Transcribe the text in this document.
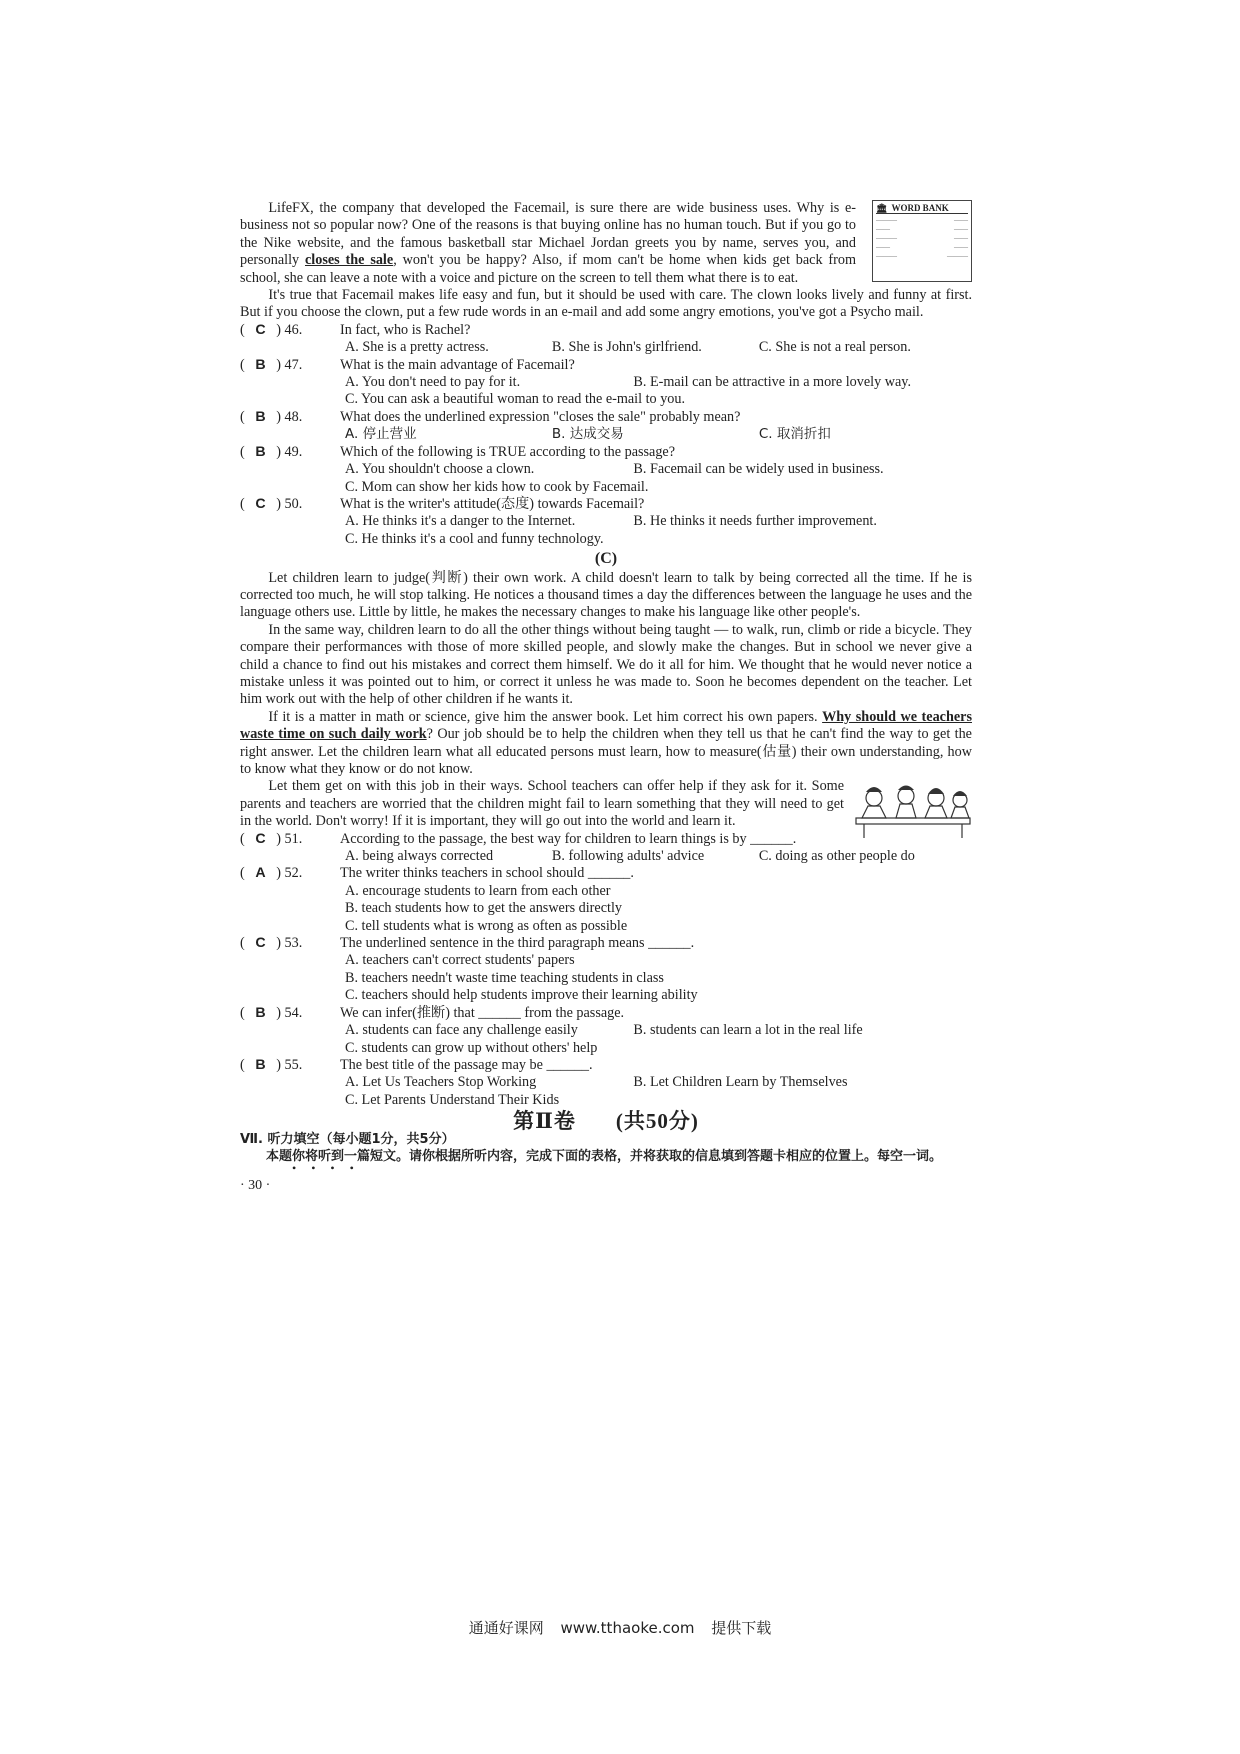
🏛 WORD BANK
———	——
——	——
———	——
——	——
———	———

LifeFX, the company that developed the Facemail, is sure there are wide business uses. Why is e-business not so popular now? One of the reasons is that buying online has no human touch. But if you go to the Nike website, and the famous basketball star Michael Jordan greets you by name, serves you, and personally closes the sale, won't you be happy? Also, if mom can't be home when kids get back from school, she can leave a note with a voice and picture on the screen to tell them what there is to eat.

It's true that Facemail makes life easy and fun, but it should be used with care. The clown looks lively and funny at first. But if you choose the clown, put a few rude words in an e-mail and add some angry emotions, you've got a Psycho mail.

(   C   ) 46.	In fact, who is Rachel?
A. She is a pretty actress.	B. She is John's girlfriend.	C. She is not a real person.
(   B   ) 47.	What is the main advantage of Facemail?
A. You don't need to pay for it.	B. E-mail can be attractive in a more lovely way.
C. You can ask a beautiful woman to read the e-mail to you.
(   B   ) 48.	What does the underlined expression "closes the sale" probably mean?
A. 停止营业	B. 达成交易	C. 取消折扣
(   B   ) 49.	Which of the following is TRUE according to the passage?
A. You shouldn't choose a clown.	B. Facemail can be widely used in business.
C. Mom can show her kids how to cook by Facemail.
(   C   ) 50.	What is the writer's attitude(态度) towards Facemail?
A. He thinks it's a danger to the Internet.	B. He thinks it needs further improvement.
C. He thinks it's a cool and funny technology.
(C)

Let children learn to judge(判断) their own work. A child doesn't learn to talk by being corrected all the time. If he is corrected too much, he will stop talking. He notices a thousand times a day the differences between the language he uses and the language others use. Little by little, he makes the necessary changes to make his language like other people's.

In the same way, children learn to do all the other things without being taught — to walk, run, climb or ride a bicycle. They compare their performances with those of more skilled people, and slowly make the changes. But in school we never give a child a chance to find out his mistakes and correct them himself. We do it all for him. We thought that he would never notice a mistake unless it was pointed out to him, or correct it unless he was made to. Soon he becomes dependent on the teacher. Let him work out with the help of other children if he wants it.

If it is a matter in math or science, give him the answer book. Let him correct his own papers. Why should we teachers waste time on such daily work? Our job should be to help the children when they tell us that he can't find the way to get the right answer. Let the children learn what all educated persons must learn, how to measure(估量) their own understanding, how to know what they know or do not know.

Let them get on with this job in their ways. School teachers can offer help if they ask for it. Some parents and teachers are worried that the children might fail to learn something that they will need to get in the world. Don't worry! If it is important, they will go out into the world and learn it.

(   C   ) 51.	According to the passage, the best way for children to learn things is by ______.
A. being always corrected	B. following adults' advice	C. doing as other people do
(   A   ) 52.	The writer thinks teachers in school should ______.
A. encourage students to learn from each other
B. teach students how to get the answers directly
C. tell students what is wrong as often as possible
(   C   ) 53.	The underlined sentence in the third paragraph means ______.
A. teachers can't correct students' papers
B. teachers needn't waste time teaching students in class
C. teachers should help students improve their learning ability
(   B   ) 54.	We can infer(推断) that ______ from the passage.
A. students can face any challenge easily	B. students can learn a lot in the real life
C. students can grow up without others' help
(   B   ) 55.	The best title of the passage may be ______.
A. Let Us Teachers Stop Working	B. Let Children Learn by Themselves
C. Let Parents Understand Their Kids
第Ⅱ卷 (共50分)
Ⅶ. 听力填空（每小题1分，共5分）

本题你将听到一篇短文。请你根据所听内容，完成下面的表格，并将获取的信息填到答题卡相应的位置上。每空一词。

• • • •
· 30 ·
通通好课网 www.tthaoke.com 提供下载
